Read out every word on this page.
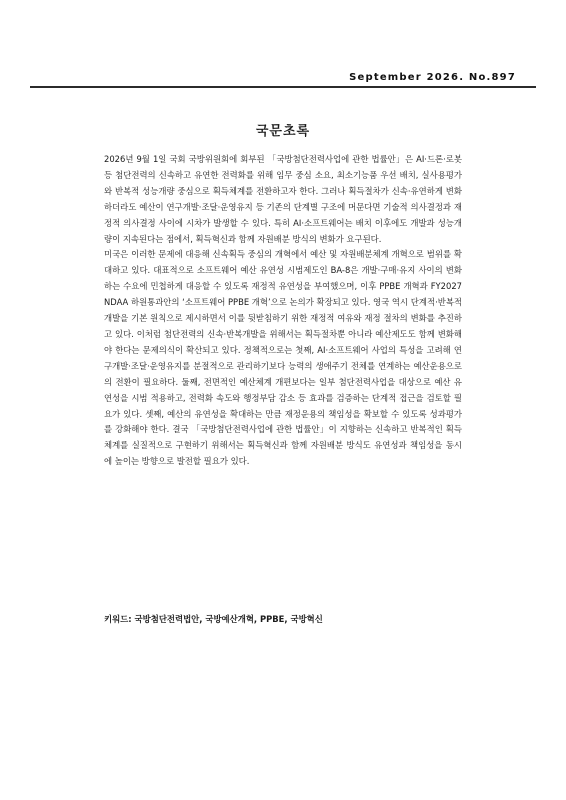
September 2026. No.897
국문초록

2026년 9월 1일 국회 국방위원회에 회부된 「국방첨단전력사업에 관한 법률안」은 AI·드론·로봇 등 첨단전력의 신속하고 유연한 전력화를 위해 임무 중심 소요, 최소기능품 우선 배치, 실사용평가와 반복적 성능개량 중심으로 획득체계를 전환하고자 한다. 그러나 획득절차가 신속·유연하게 변화하더라도 예산이 연구개발·조달·운영유지 등 기존의 단계별 구조에 머문다면 기술적 의사결정과 재정적 의사결정 사이에 시차가 발생할 수 있다. 특히 AI·소프트웨어는 배치 이후에도 개발과 성능개량이 지속된다는 점에서, 획득혁신과 함께 자원배분 방식의 변화가 요구된다.

미국은 이러한 문제에 대응해 신속획득 중심의 개혁에서 예산 및 자원배분체계 개혁으로 범위를 확대하고 있다. 대표적으로 소프트웨어 예산 유연성 시범제도인 BA-8은 개발·구매·유지 사이의 변화하는 수요에 민첩하게 대응할 수 있도록 재정적 유연성을 부여했으며, 이후 PPBE 개혁과 FY2027 NDAA 하원통과안의 ‘소프트웨어 PPBE 개혁’으로 논의가 확장되고 있다. 영국 역시 단계적·반복적 개발을 기본 원칙으로 제시하면서 이를 뒷받침하기 위한 재정적 여유와 재정 절차의 변화를 추진하고 있다. 이처럼 첨단전력의 신속·반복개발을 위해서는 획득절차뿐 아니라 예산제도도 함께 변화해야 한다는 문제의식이 확산되고 있다. 정책적으로는 첫째, AI·소프트웨어 사업의 특성을 고려해 연구개발·조달·운영유지를 분절적으로 관리하기보다 능력의 생애주기 전체를 연계하는 예산운용으로의 전환이 필요하다. 둘째, 전면적인 예산체계 개편보다는 일부 첨단전력사업을 대상으로 예산 유연성을 시범 적용하고, 전력화 속도와 행정부담 감소 등 효과를 검증하는 단계적 접근을 검토할 필요가 있다. 셋째, 예산의 유연성을 확대하는 만큼 재정운용의 책임성을 확보할 수 있도록 성과평가를 강화해야 한다. 결국 「국방첨단전력사업에 관한 법률안」이 지향하는 신속하고 반복적인 획득체계를 실질적으로 구현하기 위해서는 획득혁신과 함께 자원배분 방식도 유연성과 책임성을 동시에 높이는 방향으로 발전할 필요가 있다.

키워드: 국방첨단전력법안, 국방예산개혁, PPBE, 국방혁신
